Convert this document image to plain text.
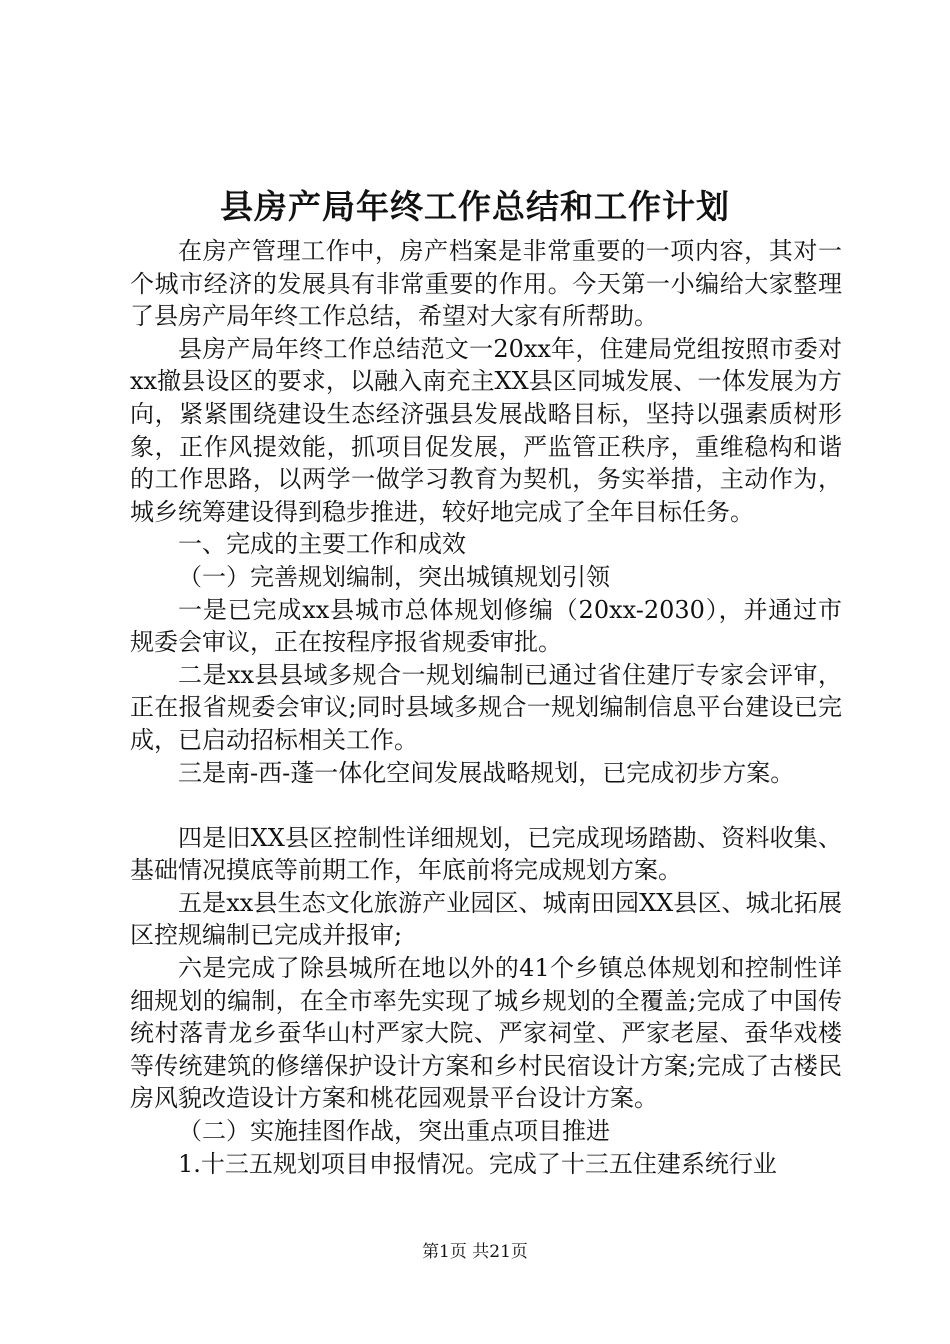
县房产局年终工作总结和工作计划

在房产管理工作中，房产档案是非常重要的一项内容，其对一个城市经济的发展具有非常重要的作用。今天第一小编给大家整理了县房产局年终工作总结，希望对大家有所帮助。

县房产局年终工作总结范文一20xx年，住建局党组按照市委对xx撤县设区的要求，以融入南充主XX县区同城发展、一体发展为方向，紧紧围绕建设生态经济强县发展战略目标，坚持以强素质树形象，正作风提效能，抓项目促发展，严监管正秩序，重维稳构和谐的工作思路，以两学一做学习教育为契机，务实举措，主动作为，城乡统筹建设得到稳步推进，较好地完成了全年目标任务。

一、完成的主要工作和成效

（一）完善规划编制，突出城镇规划引领

一是已完成xx县城市总体规划修编（20xx-2030），并通过市规委会审议，正在按程序报省规委审批。

二是xx县县域多规合一规划编制已通过省住建厅专家会评审，正在报省规委会审议;同时县域多规合一规划编制信息平台建设已完成，已启动招标相关工作。

三是南-西-蓬一体化空间发展战略规划，已完成初步方案。

四是旧XX县区控制性详细规划，已完成现场踏勘、资料收集、基础情况摸底等前期工作，年底前将完成规划方案。

五是xx县生态文化旅游产业园区、城南田园XX县区、城北拓展区控规编制已完成并报审;

六是完成了除县城所在地以外的41个乡镇总体规划和控制性详细规划的编制，在全市率先实现了城乡规划的全覆盖;完成了中国传统村落青龙乡蚕华山村严家大院、严家祠堂、严家老屋、蚕华戏楼等传统建筑的修缮保护设计方案和乡村民宿设计方案;完成了古楼民房风貌改造设计方案和桃花园观景平台设计方案。

（二）实施挂图作战，突出重点项目推进

1.十三五规划项目申报情况。完成了十三五住建系统行业

第1页 共21页
